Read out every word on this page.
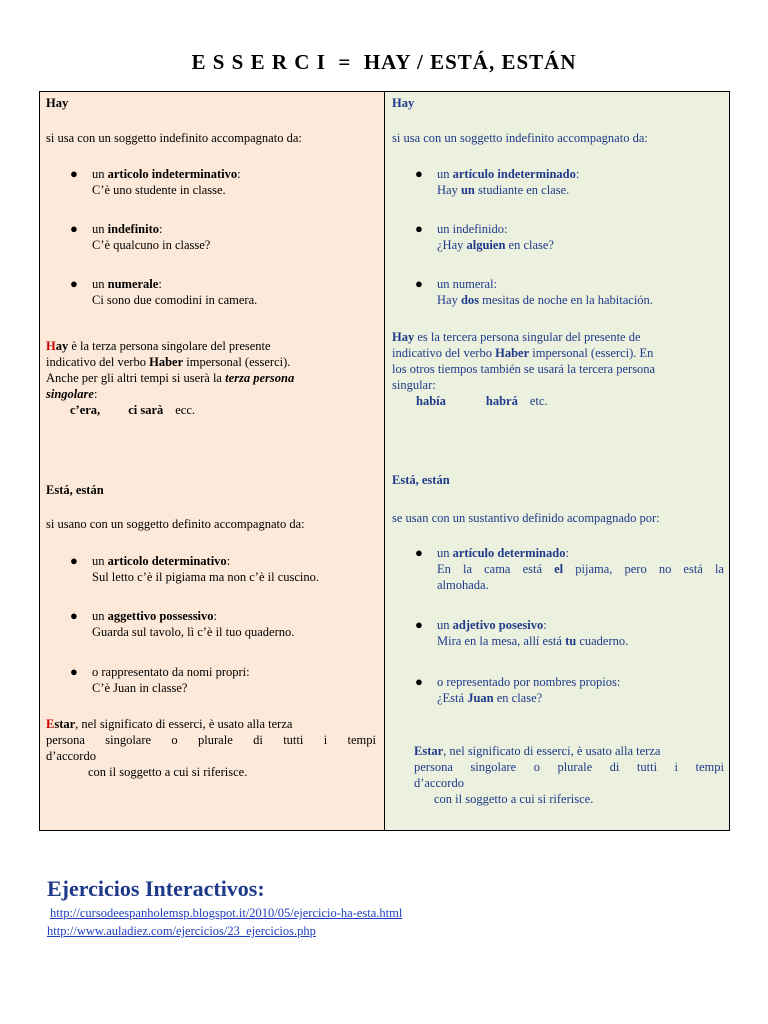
E S S E R C I  =  HAY / ESTÁ, ESTÁN
Hay
si usa con un soggetto indefinito accompagnato da:
● un articolo indeterminativo:
C’è uno studente in classe.
● un indefinito:
C’è qualcuno in classe?
● un numerale:
Ci sono due comodini in camera.
Hay è la terza persona singolare del presente
indicativo del verbo Haber impersonal (esserci).
Anche per gli altri tempi si userà la terza persona
singolare:
c’era, ci sarà ecc.
Está, están
si usano con un soggetto definito accompagnato da:
● un articolo determinativo:
Sul letto c’è il pigiama ma non c’è il cuscino.
● un aggettivo possessivo:
Guarda sul tavolo, lì c’è il tuo quaderno.
● o rappresentato da nomi propri:
C’è Juan in classe?
Estar, nel significato di esserci, è usato alla terza
persona singolare o plurale di tutti i tempi
d’accordo
con il soggetto a cui si riferisce.
Hay
si usa con un soggetto indefinito accompagnato da:
● un artículo indeterminado:
Hay un studiante en clase.
● un indefinido:
¿Hay alguien en clase?
● un numeral:
Hay dos mesitas de noche en la habitación.
Hay es la tercera persona singular del presente de
indicativo del verbo Haber impersonal (esserci). En
los otros tiempos también se usará la tercera persona
singular:
había	habrá etc.
Está, están
se usan con un sustantivo definido acompagnado por:
● un artículo determinado:
En la cama está el pijama, pero no está la
almohada.
● un adjetivo posesivo:
Mira en la mesa, allí está tu cuaderno.
● o representado por nombres propios:
¿Está Juan en clase?
Estar, nel significato di esserci, è usato alla terza
persona singolare o plurale di tutti i tempi
d’accordo
con il soggetto a cui si riferisce.
Ejercicios Interactivos:
http://cursodeespanholemsp.blogspot.it/2010/05/ejercicio-ha-esta.html
http://www.auladiez.com/ejercicios/23_ejercicios.php
